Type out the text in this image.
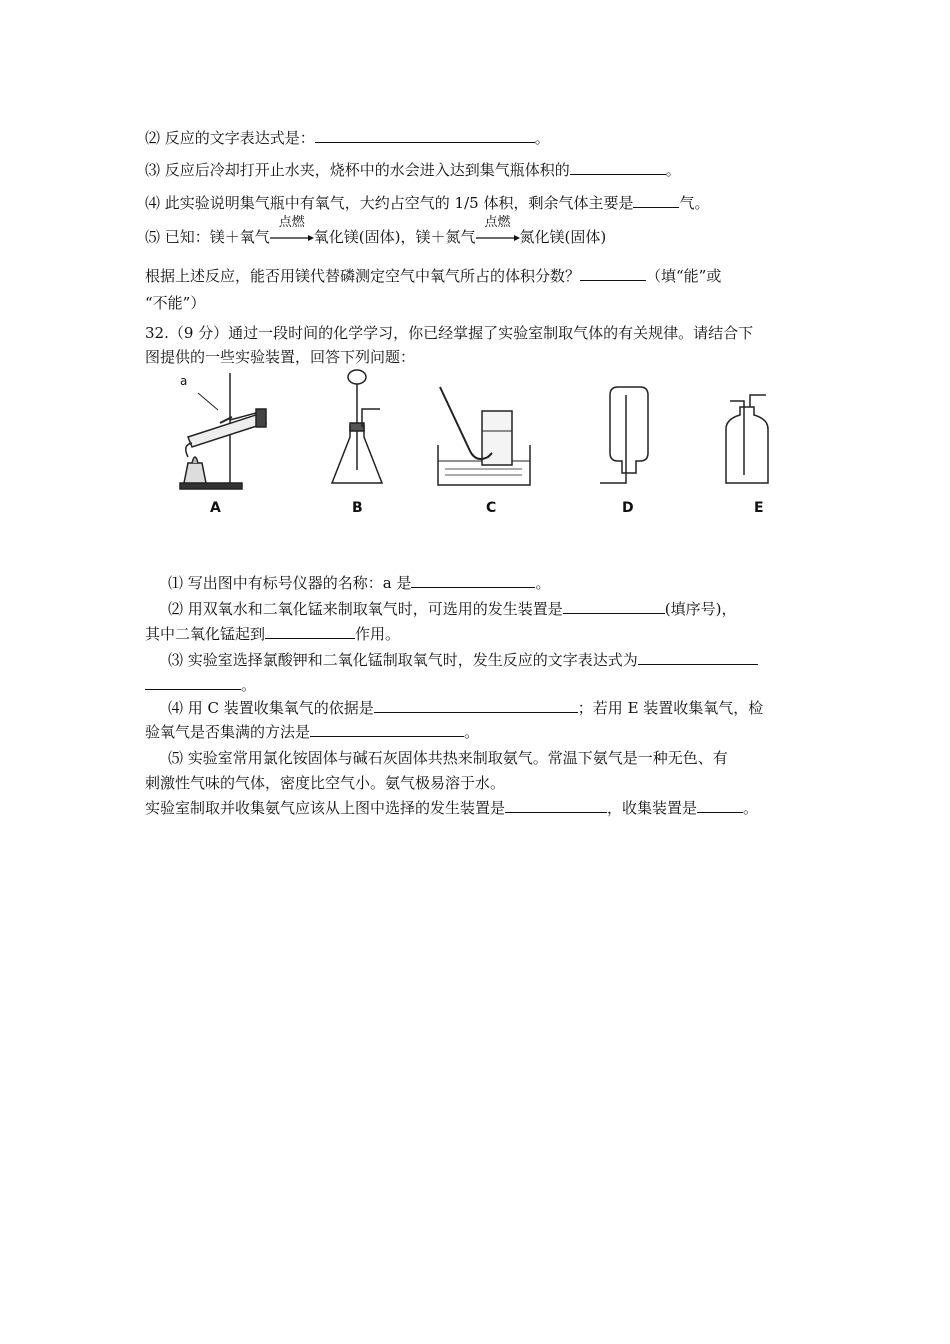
⑵ 反应的文字表达式是：	。
⑶ 反应后冷却打开止水夹，烧杯中的水会进入达到集气瓶体积的	。
⑷ 此实验说明集气瓶中有氧气，大约占空气的 1/5 体积，剩余气体主要是	气。
⑸ 已知：镁＋氧气
点燃
氧化镁(固体)，镁＋氮气
点燃
氮化镁(固体)
根据上述反应，能否用镁代替磷测定空气中氧气所占的体积分数？	（填“能”或
“不能”）
32.（9 分）通过一段时间的化学学习，你已经掌握了实验室制取气体的有关规律。请结合下
图提供的一些实验装置，回答下列问题：
a
A	B	C	D	E
⑴ 写出图中有标号仪器的名称：a 是	。
⑵ 用双氧水和二氧化锰来制取氧气时，可选用的发生装置是	(填序号)，
其中二氧化锰起到	作用。
⑶ 实验室选择氯酸钾和二氧化锰制取氧气时，发生反应的文字表达式为
。
⑷ 用 C 装置收集氧气的依据是	；若用 E 装置收集氧气，检
验氧气是否集满的方法是	。
⑸ 实验室常用氯化铵固体与碱石灰固体共热来制取氨气。常温下氨气是一种无色、有
刺激性气味的气体，密度比空气小。氨气极易溶于水。
实验室制取并收集氨气应该从上图中选择的发生装置是	，收集装置是	。
